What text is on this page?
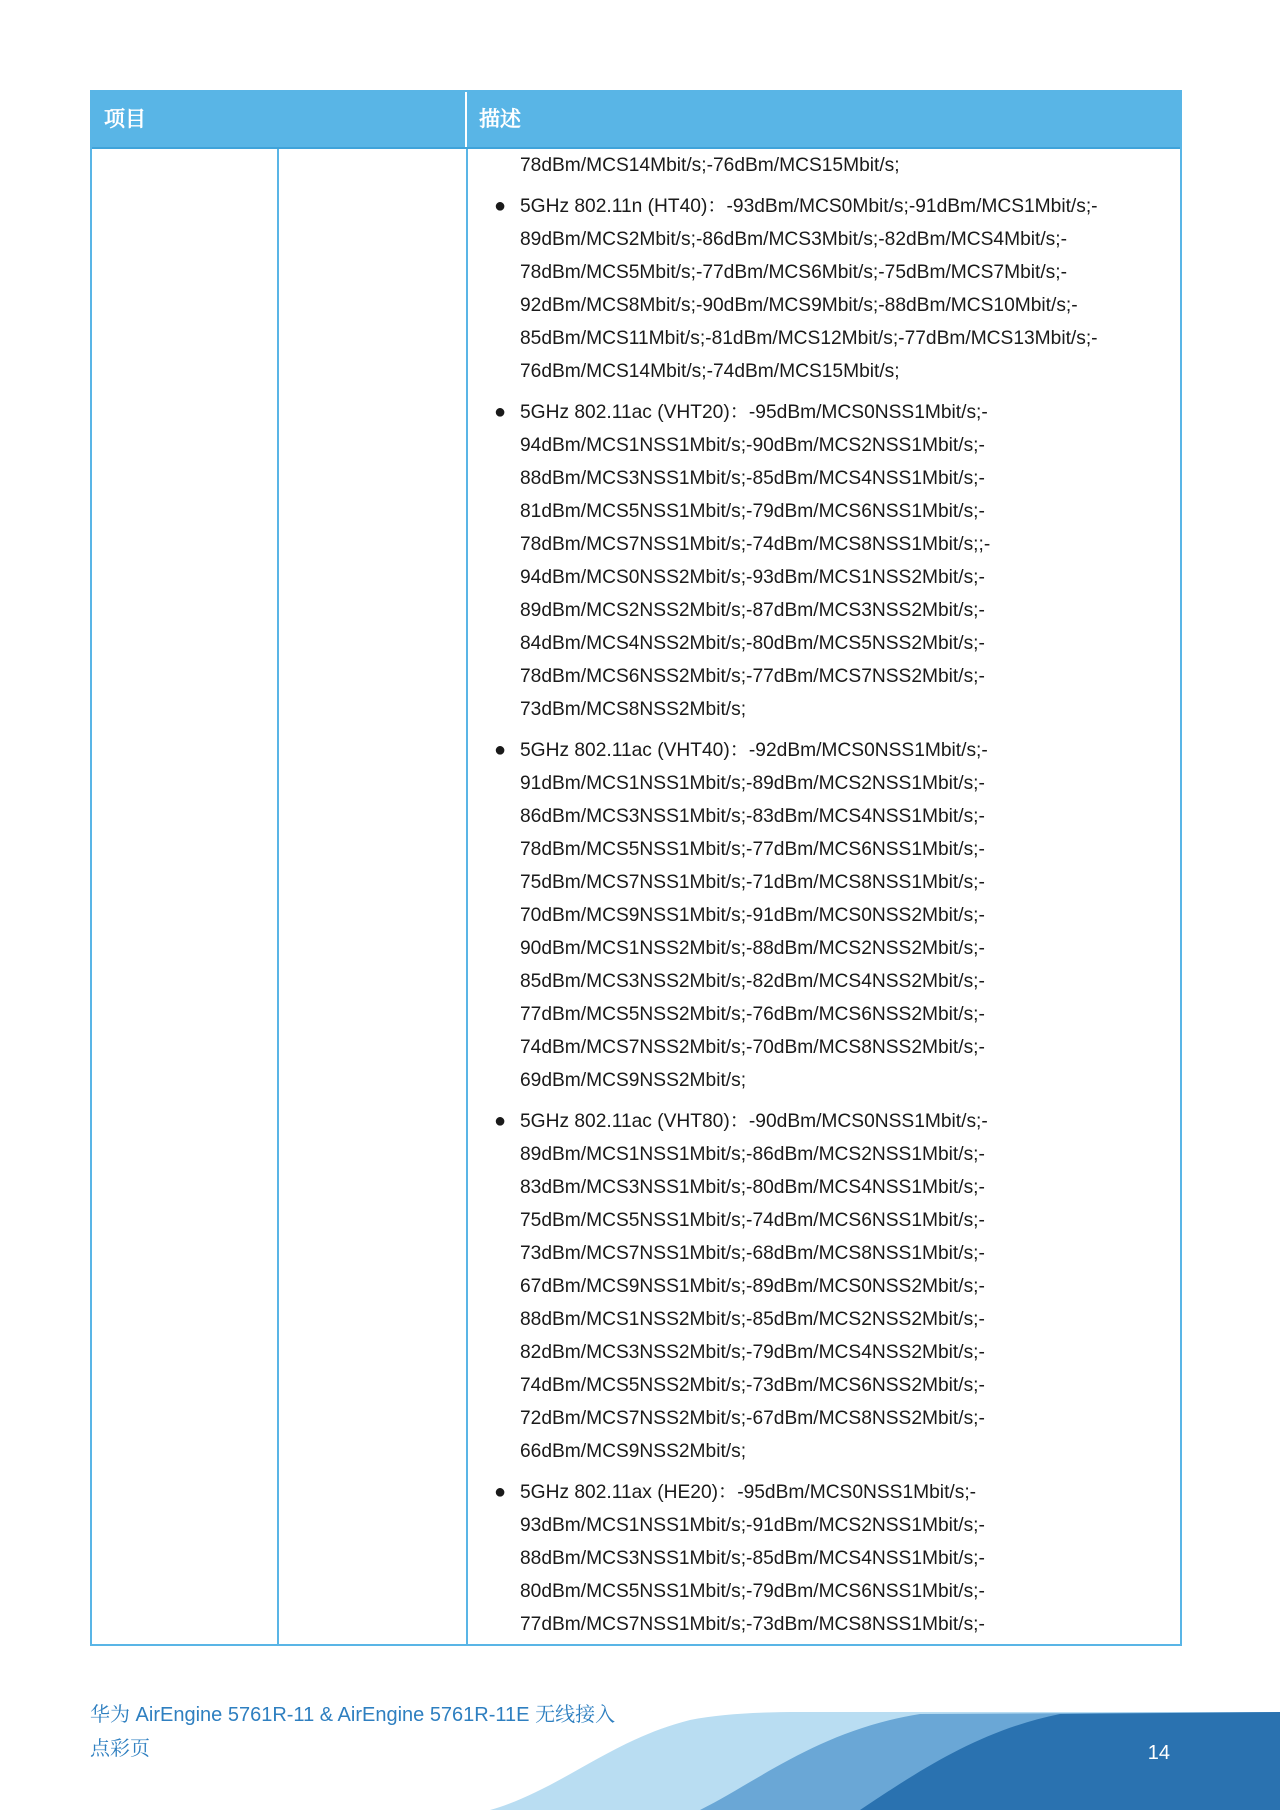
项目	描述
78dBm/MCS14Mbit/s;-76dBm/MCS15Mbit/s;
● 5GHz 802.11n (HT40)：-93dBm/MCS0Mbit/s;-91dBm/MCS1Mbit/s;-
89dBm/MCS2Mbit/s;-86dBm/MCS3Mbit/s;-82dBm/MCS4Mbit/s;-
78dBm/MCS5Mbit/s;-77dBm/MCS6Mbit/s;-75dBm/MCS7Mbit/s;-
92dBm/MCS8Mbit/s;-90dBm/MCS9Mbit/s;-88dBm/MCS10Mbit/s;-
85dBm/MCS11Mbit/s;-81dBm/MCS12Mbit/s;-77dBm/MCS13Mbit/s;-
76dBm/MCS14Mbit/s;-74dBm/MCS15Mbit/s;
● 5GHz 802.11ac (VHT20)：-95dBm/MCS0NSS1Mbit/s;-
94dBm/MCS1NSS1Mbit/s;-90dBm/MCS2NSS1Mbit/s;-
88dBm/MCS3NSS1Mbit/s;-85dBm/MCS4NSS1Mbit/s;-
81dBm/MCS5NSS1Mbit/s;-79dBm/MCS6NSS1Mbit/s;-
78dBm/MCS7NSS1Mbit/s;-74dBm/MCS8NSS1Mbit/s;;-
94dBm/MCS0NSS2Mbit/s;-93dBm/MCS1NSS2Mbit/s;-
89dBm/MCS2NSS2Mbit/s;-87dBm/MCS3NSS2Mbit/s;-
84dBm/MCS4NSS2Mbit/s;-80dBm/MCS5NSS2Mbit/s;-
78dBm/MCS6NSS2Mbit/s;-77dBm/MCS7NSS2Mbit/s;-
73dBm/MCS8NSS2Mbit/s;
● 5GHz 802.11ac (VHT40)：-92dBm/MCS0NSS1Mbit/s;-
91dBm/MCS1NSS1Mbit/s;-89dBm/MCS2NSS1Mbit/s;-
86dBm/MCS3NSS1Mbit/s;-83dBm/MCS4NSS1Mbit/s;-
78dBm/MCS5NSS1Mbit/s;-77dBm/MCS6NSS1Mbit/s;-
75dBm/MCS7NSS1Mbit/s;-71dBm/MCS8NSS1Mbit/s;-
70dBm/MCS9NSS1Mbit/s;-91dBm/MCS0NSS2Mbit/s;-
90dBm/MCS1NSS2Mbit/s;-88dBm/MCS2NSS2Mbit/s;-
85dBm/MCS3NSS2Mbit/s;-82dBm/MCS4NSS2Mbit/s;-
77dBm/MCS5NSS2Mbit/s;-76dBm/MCS6NSS2Mbit/s;-
74dBm/MCS7NSS2Mbit/s;-70dBm/MCS8NSS2Mbit/s;-
69dBm/MCS9NSS2Mbit/s;
● 5GHz 802.11ac (VHT80)：-90dBm/MCS0NSS1Mbit/s;-
89dBm/MCS1NSS1Mbit/s;-86dBm/MCS2NSS1Mbit/s;-
83dBm/MCS3NSS1Mbit/s;-80dBm/MCS4NSS1Mbit/s;-
75dBm/MCS5NSS1Mbit/s;-74dBm/MCS6NSS1Mbit/s;-
73dBm/MCS7NSS1Mbit/s;-68dBm/MCS8NSS1Mbit/s;-
67dBm/MCS9NSS1Mbit/s;-89dBm/MCS0NSS2Mbit/s;-
88dBm/MCS1NSS2Mbit/s;-85dBm/MCS2NSS2Mbit/s;-
82dBm/MCS3NSS2Mbit/s;-79dBm/MCS4NSS2Mbit/s;-
74dBm/MCS5NSS2Mbit/s;-73dBm/MCS6NSS2Mbit/s;-
72dBm/MCS7NSS2Mbit/s;-67dBm/MCS8NSS2Mbit/s;-
66dBm/MCS9NSS2Mbit/s;
● 5GHz 802.11ax (HE20)：-95dBm/MCS0NSS1Mbit/s;-
93dBm/MCS1NSS1Mbit/s;-91dBm/MCS2NSS1Mbit/s;-
88dBm/MCS3NSS1Mbit/s;-85dBm/MCS4NSS1Mbit/s;-
80dBm/MCS5NSS1Mbit/s;-79dBm/MCS6NSS1Mbit/s;-
77dBm/MCS7NSS1Mbit/s;-73dBm/MCS8NSS1Mbit/s;-
华为 AirEngine 5761R-11 & AirEngine 5761R-11E 无线接入
点彩页	14
